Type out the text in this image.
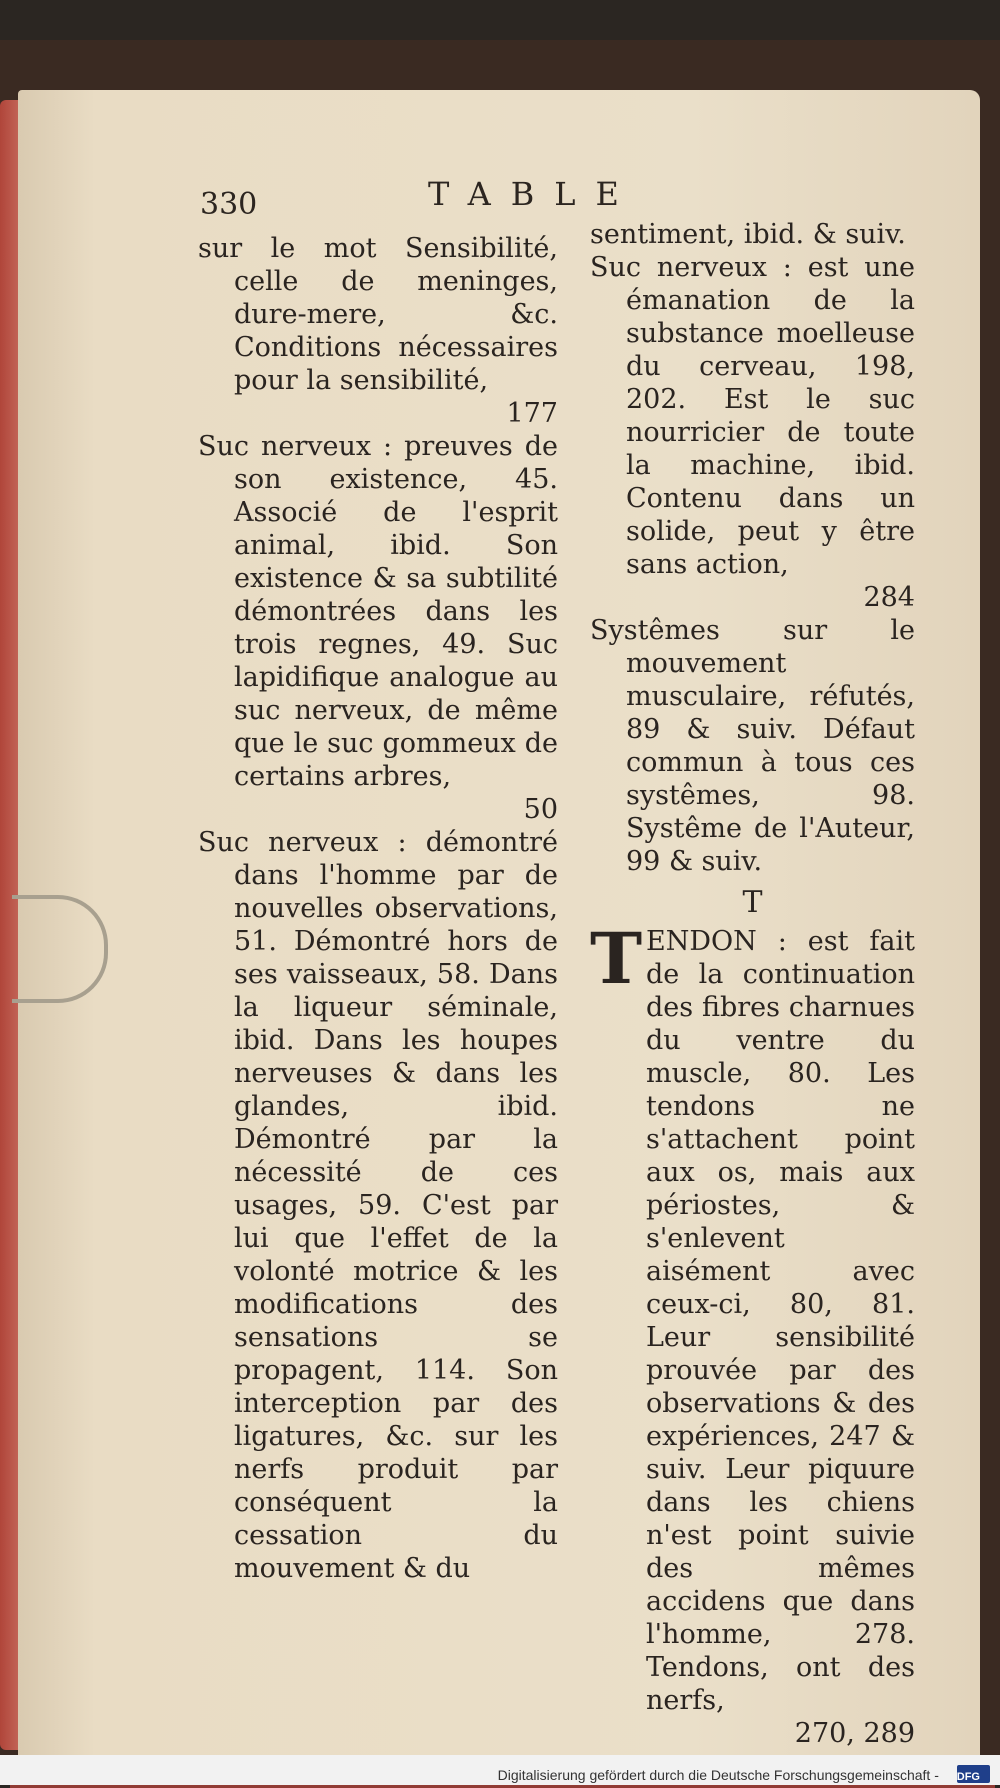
330	TABLE
sur le mot Sensibilité, celle de meninges, dure-mere, &c. Conditions nécessaires pour la sensibilité,
177
Suc nerveux : preuves de son existence, 45. Associé de l'esprit animal, ibid. Son existence & sa subtilité démontrées dans les trois regnes, 49. Suc lapidifique analogue au suc nerveux, de même que le suc gommeux de certains arbres,
50
Suc nerveux : démontré dans l'homme par de nouvelles observations, 51. Démontré hors de ses vaisseaux, 58. Dans la liqueur séminale, ibid. Dans les houpes nerveuses & dans les glandes, ibid. Démontré par la nécessité de ces usages, 59. C'est par lui que l'effet de la volonté motrice & les modifications des sensations se propagent, 114. Son interception par des ligatures, &c. sur les nerfs produit par conséquent la cessation du mouvement & du
sentiment, ibid. & suiv.
Suc nerveux : est une émanation de la substance moelleuse du cerveau, 198, 202. Est le suc nourricier de toute la machine, ibid. Contenu dans un solide, peut y être sans action,
284
Systêmes sur le mouvement musculaire, réfutés, 89 & suiv. Défaut commun à tous ces systêmes, 98. Systême de l'Auteur, 99 & suiv.
T
T ENDON : est fait de la continuation des fibres charnues du ventre du muscle, 80. Les tendons ne s'attachent point aux os, mais aux périostes, & s'enlevent aisément avec ceux-ci, 80, 81. Leur sensibilité prouvée par des observations & des expériences, 247 & suiv. Leur piquure dans les chiens n'est point suivie des mêmes accidens que dans l'homme, 278. Tendons, ont des nerfs,
270, 289
Digitalisierung gefördert durch die Deutsche Forschungsgemeinschaft - DFG
